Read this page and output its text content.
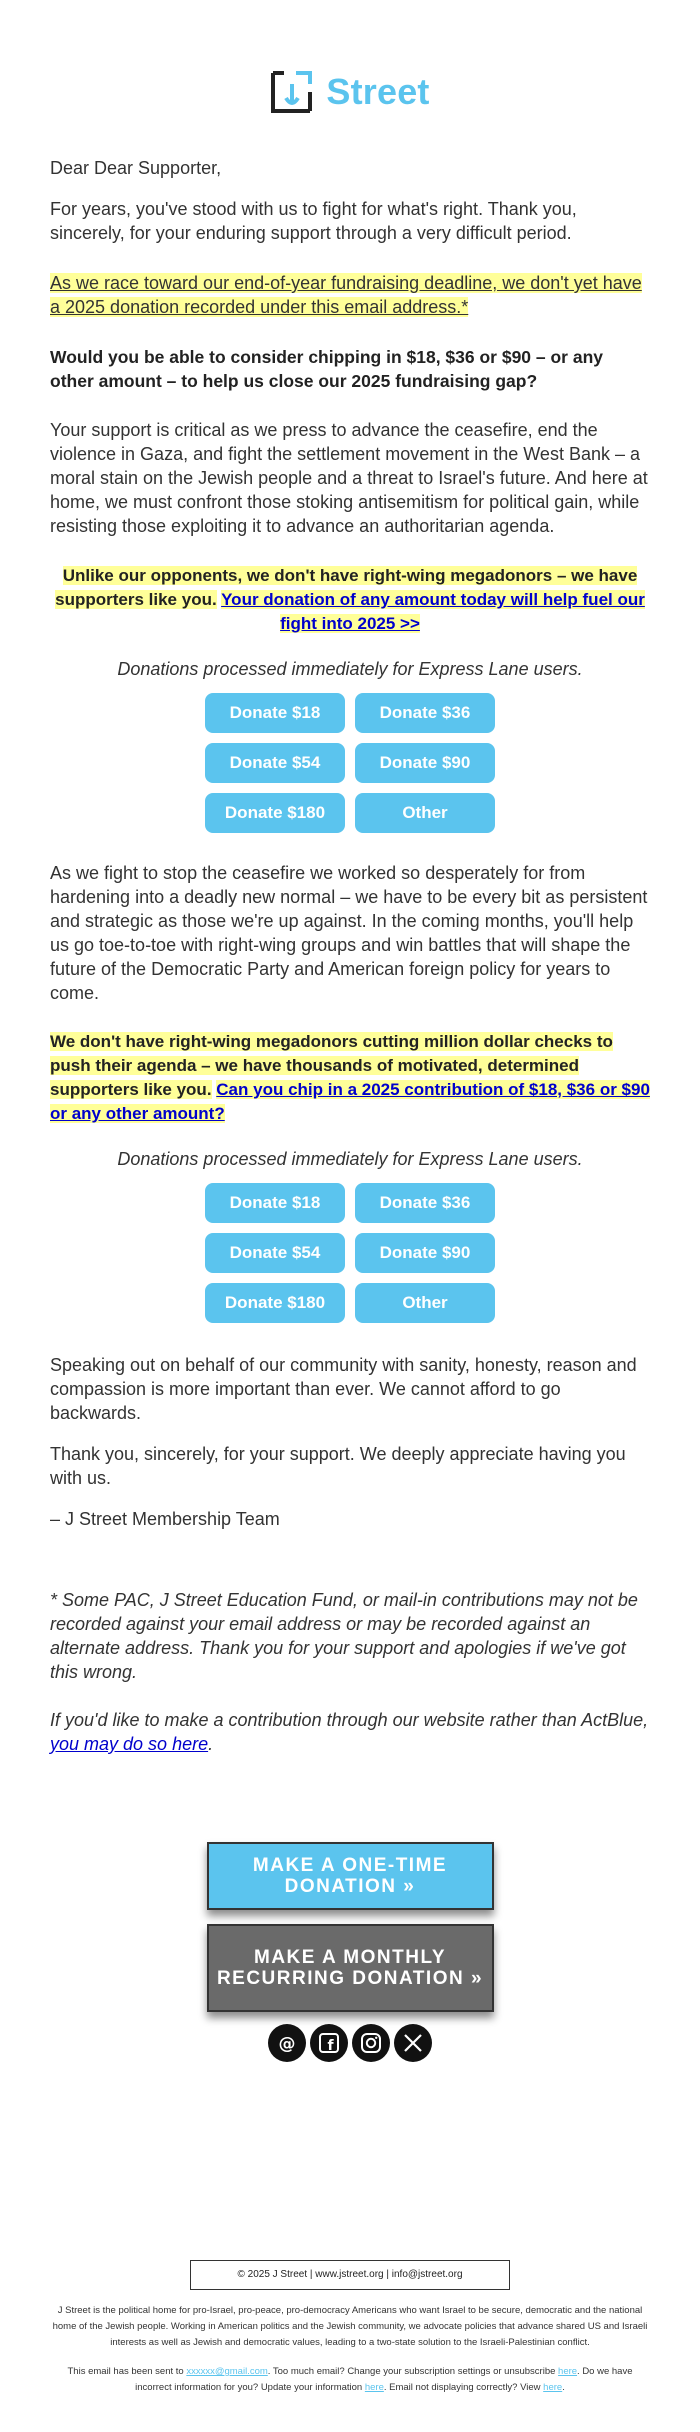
Street

Dear Dear Supporter,

For years, you've stood with us to fight for what's right. Thank you, sincerely, for your enduring support through a very difficult period.

As we race toward our end-of-year fundraising deadline, we don't yet have a 2025 donation recorded under this email address.*

Would you be able to consider chipping in $18, $36 or $90 – or any other amount – to help us close our 2025 fundraising gap?

Your support is critical as we press to advance the ceasefire, end the violence in Gaza, and fight the settlement movement in the West Bank – a moral stain on the Jewish people and a threat to Israel's future. And here at home, we must confront those stoking antisemitism for political gain, while resisting those exploiting it to advance an authoritarian agenda.

Unlike our opponents, we don't have right-wing megadonors – we have supporters like you. Your donation of any amount today will help fuel our fight into 2025 >>

Donations processed immediately for Express Lane users.

Donate $18	Donate $36
Donate $54	Donate $90
Donate $180	Other

As we fight to stop the ceasefire we worked so desperately for from hardening into a deadly new normal – we have to be every bit as persistent and strategic as those we're up against. In the coming months, you'll help us go toe-to-toe with right-wing groups and win battles that will shape the future of the Democratic Party and American foreign policy for years to come.

We don't have right-wing megadonors cutting million dollar checks to push their agenda – we have thousands of motivated, determined supporters like you. Can you chip in a 2025 contribution of $18, $36 or $90 or any other amount?

Donations processed immediately for Express Lane users.

Donate $18	Donate $36
Donate $54	Donate $90
Donate $180	Other

Speaking out on behalf of our community with sanity, honesty, reason and compassion is more important than ever. We cannot afford to go backwards.

Thank you, sincerely, for your support. We deeply appreciate having you with us.

– J Street Membership Team

* Some PAC, J Street Education Fund, or mail-in contributions may not be recorded against your email address or may be recorded against an alternate address. Thank you for your support and apologies if we've got this wrong.

If you'd like to make a contribution through our website rather than ActBlue, you may do so here.

MAKE A ONE-TIME DONATION »
MAKE A MONTHLY RECURRING DONATION »
@ f
© 2025 J Street | www.jstreet.org | info@jstreet.org

J Street is the political home for pro-Israel, pro-peace, pro-democracy Americans who want Israel to be secure, democratic and the national home of the Jewish people. Working in American politics and the Jewish community, we advocate policies that advance shared US and Israeli interests as well as Jewish and democratic values, leading to a two-state solution to the Israeli-Palestinian conflict.

This email has been sent to xxxxxx@gmail.com. Too much email? Change your subscription settings or unsubscribe here. Do we have incorrect information for you? Update your information here. Email not displaying correctly? View here.
